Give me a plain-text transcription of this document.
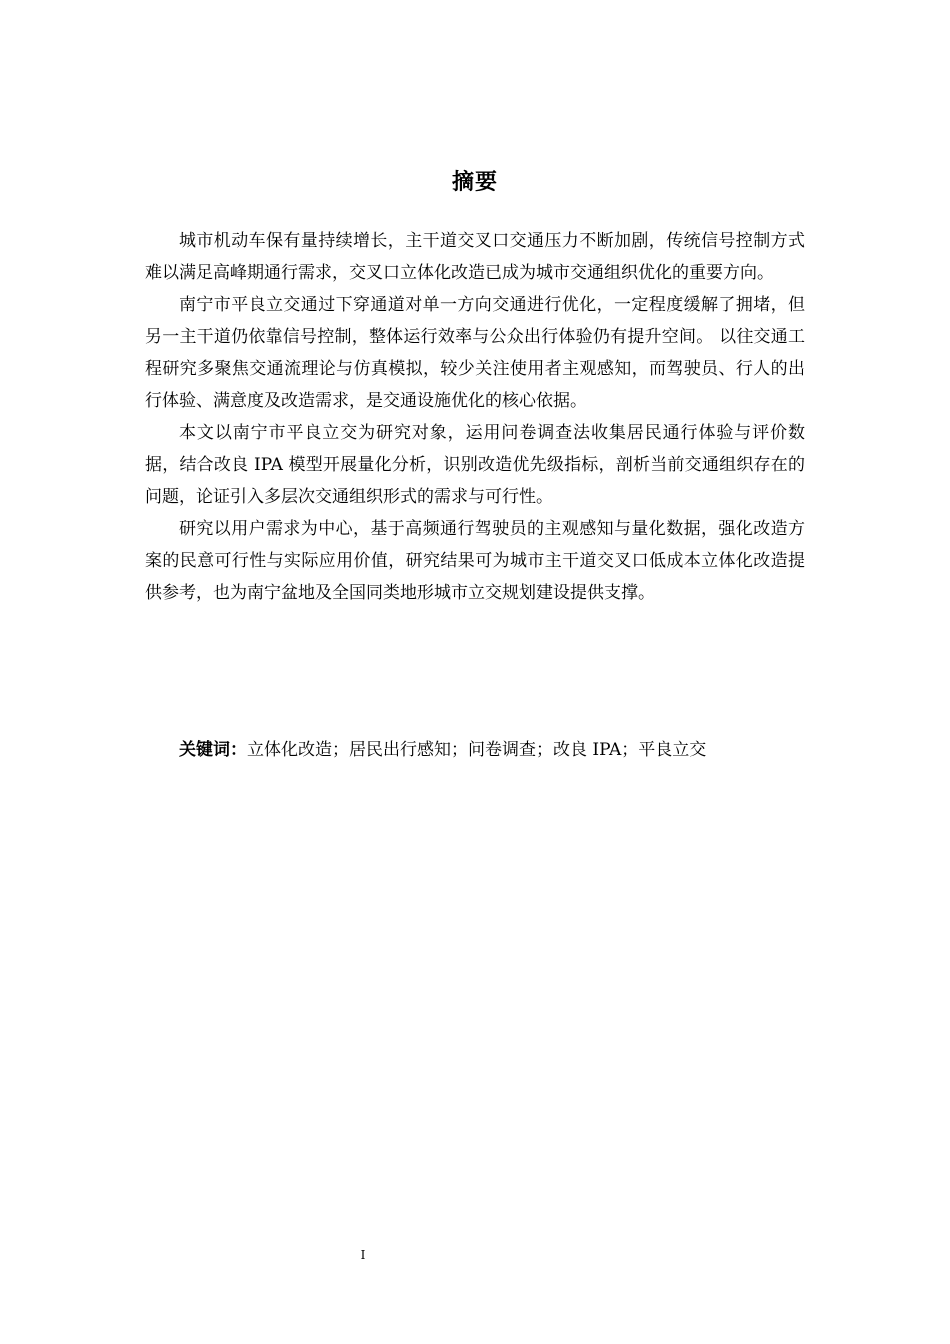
摘要

城市机动车保有量持续增长，主干道交叉口交通压力不断加剧，传统信号控制方式难以满足高峰期通行需求，交叉口立体化改造已成为城市交通组织优化的重要方向。

南宁市平良立交通过下穿通道对单一方向交通进行优化，一定程度缓解了拥堵，但另一主干道仍依靠信号控制，整体运行效率与公众出行体验仍有提升空间。 以往交通工程研究多聚焦交通流理论与仿真模拟，较少关注使用者主观感知，而驾驶员、行人的出行体验、满意度及改造需求，是交通设施优化的核心依据。

本文以南宁市平良立交为研究对象，运用问卷调查法收集居民通行体验与评价数据，结合改良 IPA 模型开展量化分析，识别改造优先级指标，剖析当前交通组织存在的问题，论证引入多层次交通组织形式的需求与可行性。

研究以用户需求为中心，基于高频通行驾驶员的主观感知与量化数据，强化改造方案的民意可行性与实际应用价值，研究结果可为城市主干道交叉口低成本立体化改造提供参考，也为南宁盆地及全国同类地形城市立交规划建设提供支撑。

关键词：立体化改造；居民出行感知；问卷调查；改良 IPA；平良立交
I
